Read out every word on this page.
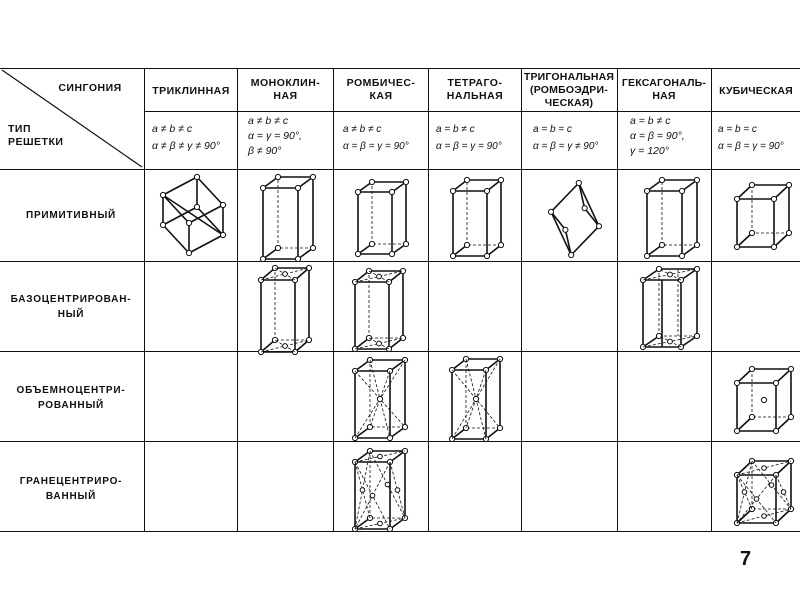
СИНГОНИЯ
ТИП
РЕШЕТКИ
ТРИКЛИННАЯ
МОНОКЛИН-
НАЯ
РОМБИЧЕС-
КАЯ
ТЕТРАГО-
НАЛЬНАЯ
ТРИГОНАЛЬНАЯ
(РОМБОЭДРИ-
ЧЕСКАЯ)
ГЕКСАГОНАЛЬ-
НАЯ	КУБИЧЕСКАЯ
a ≠ b ≠ c
α ≠ β ≠ γ ≠ 90°
a ≠ b ≠ c
α = γ = 90°,
β ≠ 90°
a ≠ b ≠ c
α = β = γ = 90°
a = b ≠ c
α = β = γ = 90°
a = b = c
α = β = γ ≠ 90°
a = b ≠ c
α = β = 90°,
γ = 120°
a = b = c
α = β = γ = 90°
ПРИМИТИВНЫЙ
БАЗОЦЕНТРИРОВАН-
НЫЙ
ОБЪЕМНОЦЕНТРИ-
РОВАННЫЙ
ГРАНЕЦЕНТРИРО-
ВАННЫЙ
7
